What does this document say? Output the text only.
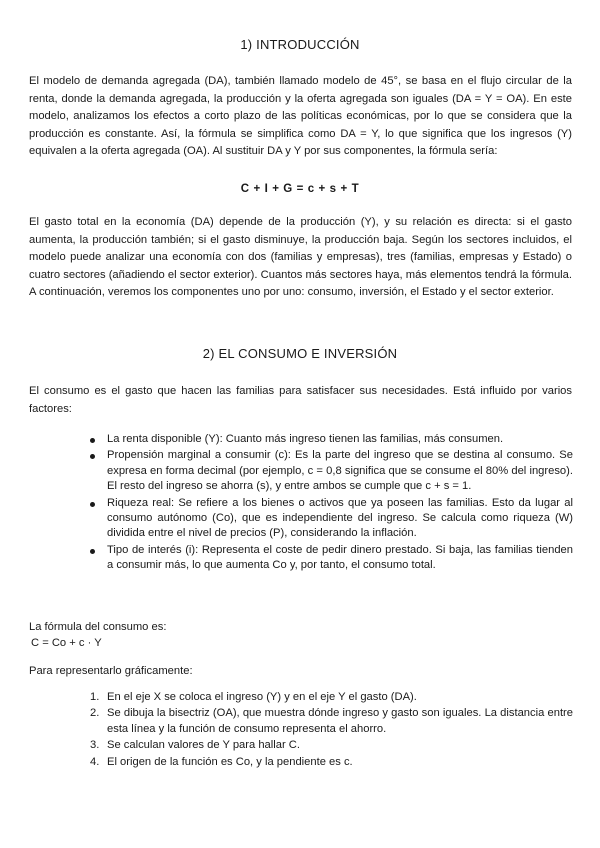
1) INTRODUCCIÓN
El modelo de demanda agregada (DA), también llamado modelo de 45°, se basa en el flujo circular de la renta, donde la demanda agregada, la producción y la oferta agregada son iguales (DA = Y = OA). En este modelo, analizamos los efectos a corto plazo de las políticas económicas, por lo que se considera que la producción es constante. Así, la fórmula se simplifica como DA = Y, lo que significa que los ingresos (Y) equivalen a la oferta agregada (OA). Al sustituir DA y Y por sus componentes, la fórmula sería:
C + I + G = c + s + T
El gasto total en la economía (DA) depende de la producción (Y), y su relación es directa: si el gasto aumenta, la producción también; si el gasto disminuye, la producción baja. Según los sectores incluidos, el modelo puede analizar una economía con dos (familias y empresas), tres (familias, empresas y Estado) o cuatro sectores (añadiendo el sector exterior). Cuantos más sectores haya, más elementos tendrá la fórmula. A continuación, veremos los componentes uno por uno: consumo, inversión, el Estado y el sector exterior.
2) EL CONSUMO E INVERSIÓN
El consumo es el gasto que hacen las familias para satisfacer sus necesidades. Está influido por varios factores:
La renta disponible (Y): Cuanto más ingreso tienen las familias, más consumen.
Propensión marginal a consumir (c): Es la parte del ingreso que se destina al consumo. Se expresa en forma decimal (por ejemplo, c = 0,8 significa que se consume el 80% del ingreso). El resto del ingreso se ahorra (s), y entre ambos se cumple que c + s = 1.
Riqueza real: Se refiere a los bienes o activos que ya poseen las familias. Esto da lugar al consumo autónomo (Co), que es independiente del ingreso. Se calcula como riqueza (W) dividida entre el nivel de precios (P), considerando la inflación.
Tipo de interés (i): Representa el coste de pedir dinero prestado. Si baja, las familias tienden a consumir más, lo que aumenta Co y, por tanto, el consumo total.
La fórmula del consumo es:
C = Co + c · Y
Para representarlo gráficamente:
1. En el eje X se coloca el ingreso (Y) y en el eje Y el gasto (DA).
2. Se dibuja la bisectriz (OA), que muestra dónde ingreso y gasto son iguales. La distancia entre esta línea y la función de consumo representa el ahorro.
3. Se calculan valores de Y para hallar C.
4. El origen de la función es Co, y la pendiente es c.
